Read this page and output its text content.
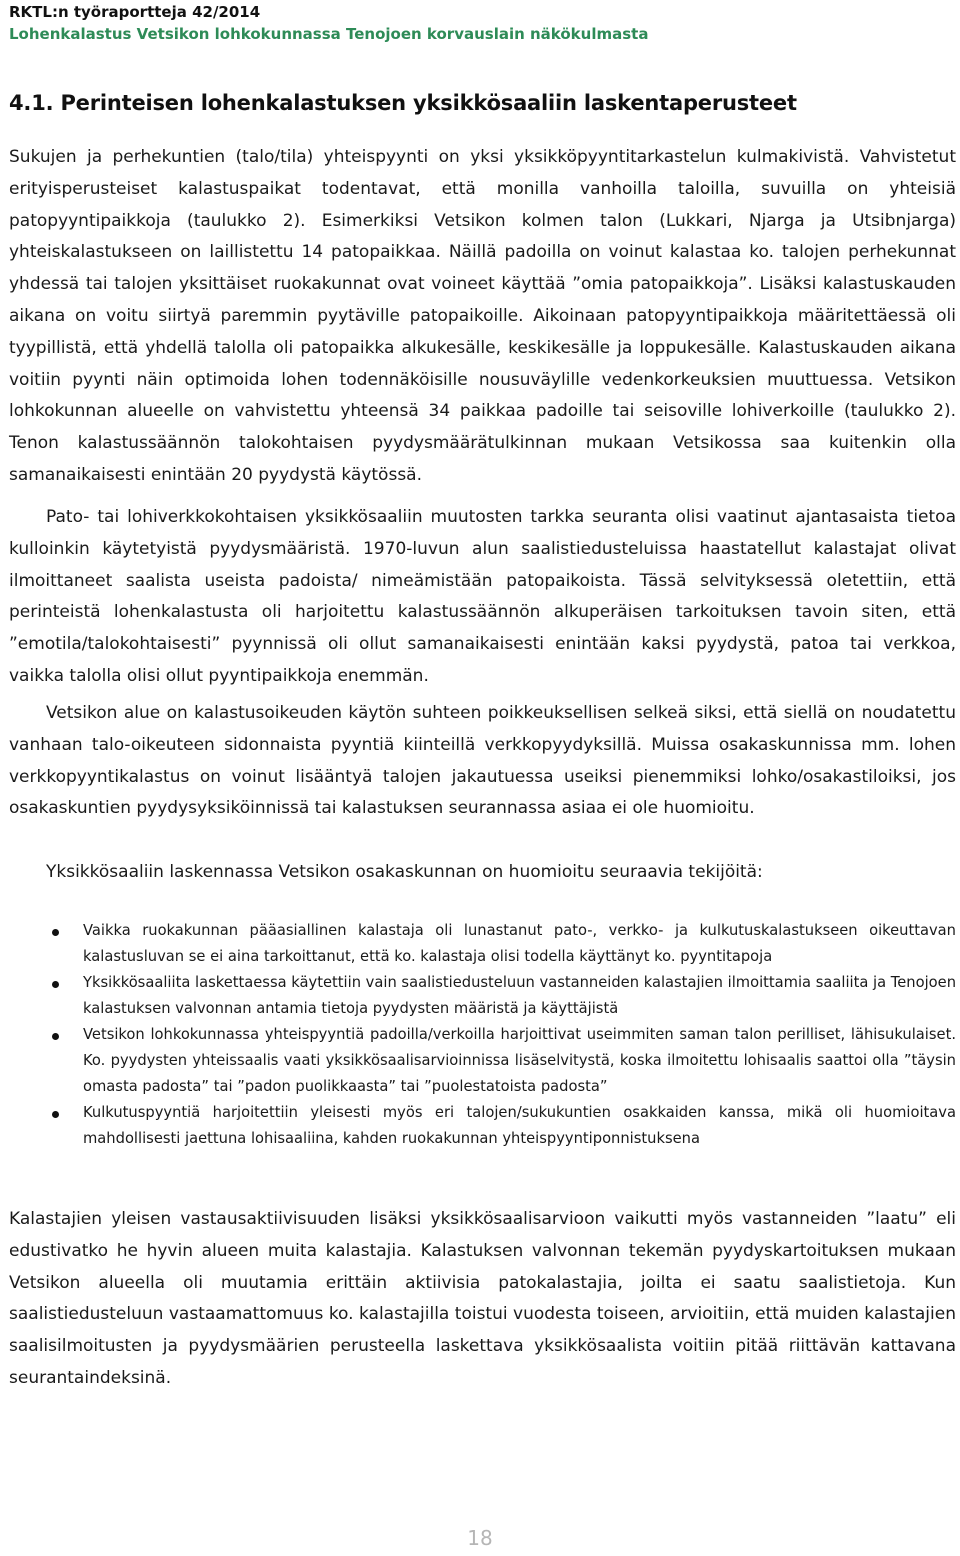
RKTL:n työraportteja 42/2014
Lohenkalastus Vetsikon lohkokunnassa Tenojoen korvauslain näkökulmasta
4.1. Perinteisen lohenkalastuksen yksikkösaaliin laskentaperusteet

Sukujen ja perhekuntien (talo/tila) yhteispyynti on yksi yksikköpyyntitarkastelun kulmakivistä. Vahvistetut erityisperusteiset kalastuspaikat todentavat, että monilla vanhoilla taloilla, suvuilla on yhteisiä patopyyntipaikkoja (taulukko 2). Esimerkiksi Vetsikon kolmen talon (Lukkari, Njarga ja Utsibnjarga) yhteiskalastukseen on laillistettu 14 patopaikkaa. Näillä padoilla on voinut kalastaa ko. talojen perhekunnat yhdessä tai talojen yksittäiset ruokakunnat ovat voineet käyttää ”omia patopaikkoja”. Lisäksi kalastuskauden aikana on voitu siirtyä paremmin pyytäville patopaikoille. Aikoinaan patopyyntipaikkoja määritettäessä oli tyypillistä, että yhdellä talolla oli patopaikka alkukesälle, keskikesälle ja loppukesälle. Kalastuskauden aikana voitiin pyynti näin optimoida lohen todennäköisille nousuväylille vedenkorkeuksien muuttuessa. Vetsikon lohkokunnan alueelle on vahvistettu yhteensä 34 paikkaa padoille tai seisoville lohiverkoille (taulukko 2). Tenon kalastussäännön talokohtaisen pyydysmäärätulkinnan mukaan Vetsikossa saa kuitenkin olla samanaikaisesti enintään 20 pyydystä käytössä.

Pato- tai lohiverkkokohtaisen yksikkösaaliin muutosten tarkka seuranta olisi vaatinut ajantasaista tietoa kulloinkin käytetyistä pyydysmääristä. 1970-luvun alun saalistiedusteluissa haastatellut kalastajat olivat ilmoittaneet saalista useista padoista/ nimeämistään patopaikoista. Tässä selvityksessä oletettiin, että perinteistä lohenkalastusta oli harjoitettu kalastussäännön alkuperäisen tarkoituksen tavoin siten, että ”emotila/talokohtaisesti” pyynnissä oli ollut samanaikaisesti enintään kaksi pyydystä, patoa tai verkkoa, vaikka talolla olisi ollut pyyntipaikkoja enemmän.

Vetsikon alue on kalastusoikeuden käytön suhteen poikkeuksellisen selkeä siksi, että siellä on noudatettu vanhaan talo-oikeuteen sidonnaista pyyntiä kiinteillä verkkopyydyksillä. Muissa osakaskunnissa mm. lohen verkkopyyntikalastus on voinut lisääntyä talojen jakautuessa useiksi pienemmiksi lohko/osakastiloiksi, jos osakaskuntien pyydysyksiköinnissä tai kalastuksen seurannassa asiaa ei ole huomioitu.

Yksikkösaaliin laskennassa Vetsikon osakaskunnan on huomioitu seuraavia tekijöitä:

Vaikka ruokakunnan pääasiallinen kalastaja oli lunastanut pato-, verkko- ja kulkutuskalastukseen oikeuttavan kalastusluvan se ei aina tarkoittanut, että ko. kalastaja olisi todella käyttänyt ko. pyyntitapoja
Yksikkösaaliita laskettaessa käytettiin vain saalistiedusteluun vastanneiden kalastajien ilmoittamia saaliita ja Tenojoen kalastuksen valvonnan antamia tietoja pyydysten määristä ja käyttäjistä
Vetsikon lohkokunnassa yhteispyyntiä padoilla/verkoilla harjoittivat useimmiten saman talon perilliset, lähisukulaiset. Ko. pyydysten yhteissaalis vaati yksikkösaalisarvioinnissa lisäselvitystä, koska ilmoitettu lohisaalis saattoi olla ”täysin omasta padosta” tai ”padon puolikkaasta” tai ”puolestatoista padosta”
Kulkutuspyyntiä harjoitettiin yleisesti myös eri talojen/sukukuntien osakkaiden kanssa, mikä oli huomioitava mahdollisesti jaettuna lohisaaliina, kahden ruokakunnan yhteispyyntiponnistuksena

Kalastajien yleisen vastausaktiivisuuden lisäksi yksikkösaalisarvioon vaikutti myös vastanneiden ”laatu” eli edustivatko he hyvin alueen muita kalastajia. Kalastuksen valvonnan tekemän pyydyskartoituksen mukaan Vetsikon alueella oli muutamia erittäin aktiivisia patokalastajia, joilta ei saatu saalistietoja. Kun saalistiedusteluun vastaamattomuus ko. kalastajilla toistui vuodesta toiseen, arvioitiin, että muiden kalastajien saalisilmoitusten ja pyydysmäärien perusteella laskettava yksikkösaalista voitiin pitää riittävän kattavana seurantaindeksinä.

18
